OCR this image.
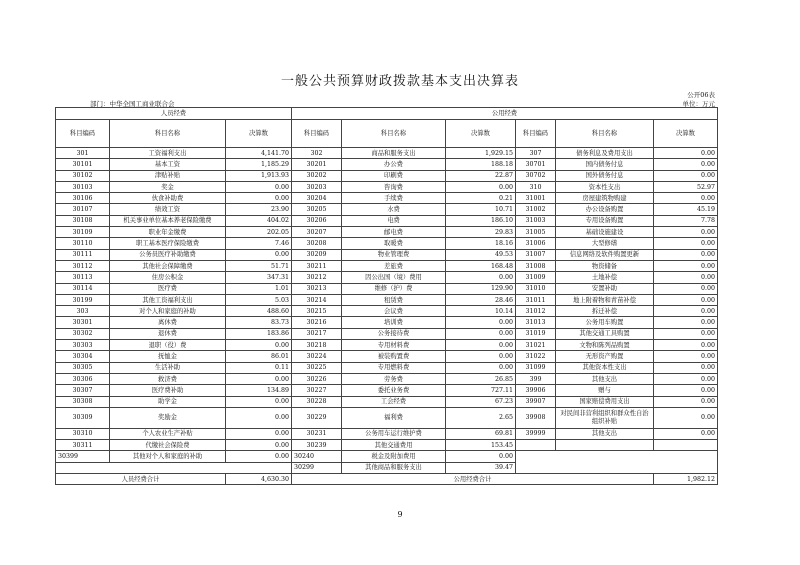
一般公共预算财政拨款基本支出决算表
公开06表
部门：中华全国工商业联合会	单位：万元
人员经费			公用经费					
科目编码	科目名称	决算数	科目编码	科目名称	决算数	科目编码	科目名称	决算数
301	工资福利支出	4,141.70	302	商品和服务支出	1,929.15	307	债务利息及费用支出	0.00
30101	基本工资	1,185.29	30201	办公费	188.18	30701	国内债务付息	0.00
30102	津贴补贴	1,913.93	30202	印刷费	22.87	30702	国外债务付息	0.00
30103	奖金	0.00	30203	咨询费	0.00	310	资本性支出	52.97
30106	伙食补助费	0.00	30204	手续费	0.21	31001	房屋建筑物购建	0.00
30107	绩效工资	23.90	30205	水费	10.71	31002	办公设备购置	45.19
30108	机关事业单位基本养老保险缴费	404.02	30206	电费	186.10	31003	专用设备购置	7.78
30109	职业年金缴费	202.05	30207	邮电费	29.83	31005	基础设施建设	0.00
30110	职工基本医疗保险缴费	7.46	30208	取暖费	18.16	31006	大型修缮	0.00
30111	公务员医疗补助缴费	0.00	30209	物业管理费	49.53	31007	信息网络及软件购置更新	0.00
30112	其他社会保障缴费	51.71	30211	差旅费	168.48	31008	物资储备	0.00
30113	住房公积金	347.31	30212	因公出国（境）费用	0.00	31009	土地补偿	0.00
30114	医疗费	1.01	30213	维修（护）费	129.90	31010	安置补助	0.00
30199	其他工资福利支出	5.03	30214	租赁费	28.46	31011	地上附着物和青苗补偿	0.00
303	对个人和家庭的补助	488.60	30215	会议费	10.14	31012	拆迁补偿	0.00
30301	离休费	83.73	30216	培训费	0.00	31013	公务用车购置	0.00
30302	退休费	183.86	30217	公务接待费	0.00	31019	其他交通工具购置	0.00
30303	退职（役）费	0.00	30218	专用材料费	0.00	31021	文物和陈列品购置	0.00
30304	抚恤金	86.01	30224	被装购置费	0.00	31022	无形资产购置	0.00
30305	生活补助	0.11	30225	专用燃料费	0.00	31099	其他资本性支出	0.00
30306	救济费	0.00	30226	劳务费	26.85	399	其他支出	0.00
30307	医疗费补助	134.89	30227	委托业务费	727.11	39906	赠与	0.00
30308	助学金	0.00	30228	工会经费	67.23	39907	国家赔偿费用支出	0.00
30309	奖励金	0.00	30229	福利费	2.65	39908	对民间非营利组织和群众性自治组织补贴	0.00
30310	个人农业生产补贴	0.00	30231	公务用车运行维护费	69.81	39999	其他支出	0.00
30311	代缴社会保险费	0.00	30239	其他交通费用	153.45			
30399	其他对个人和家庭的补助	0.00	30240	税金及附加费用	0.00			
			30299	其他商品和服务支出	39.47			
人员经费合计		4,630.30	公用经费合计					1,982.12
9
